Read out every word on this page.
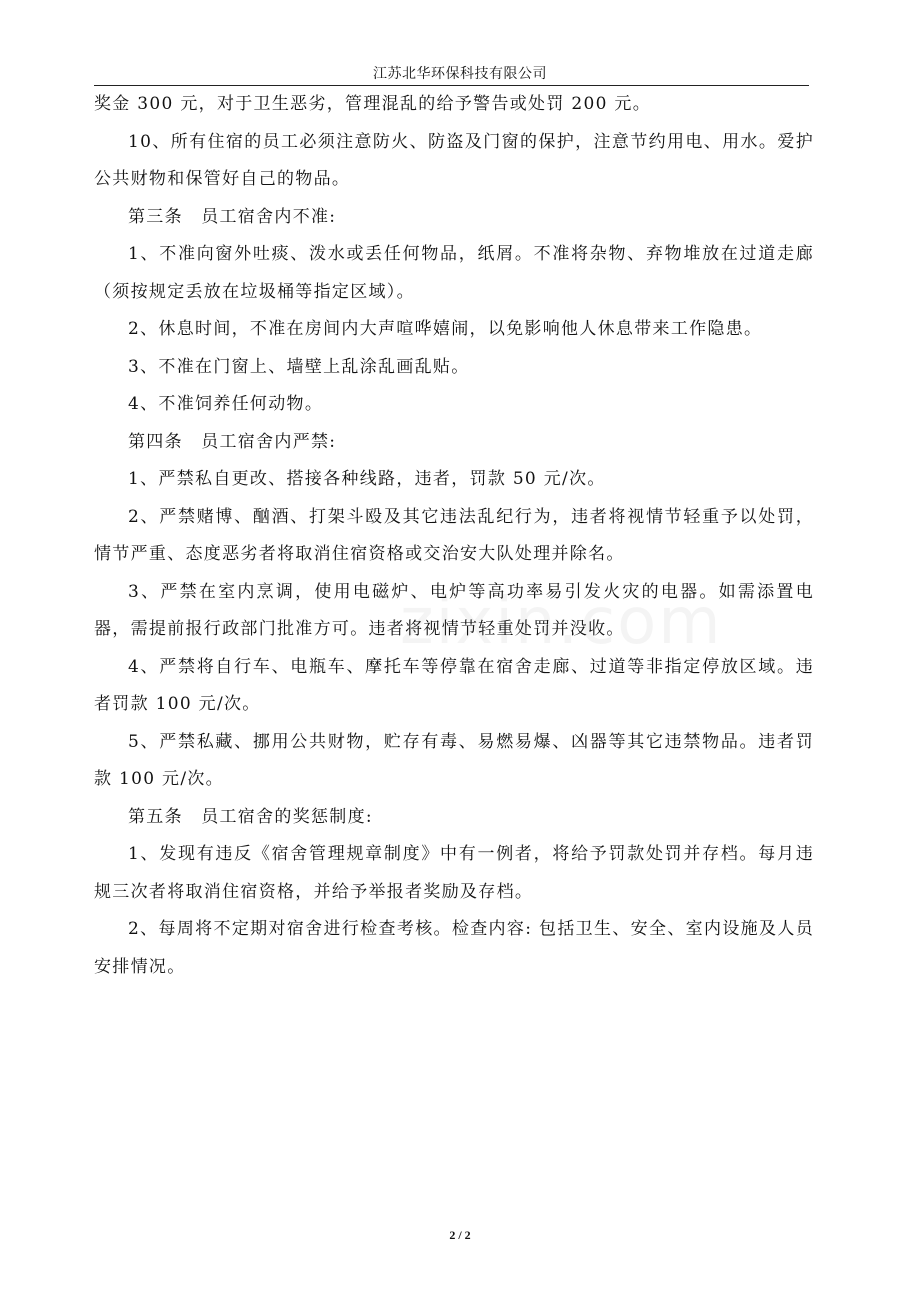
江苏北华环保科技有限公司

奖金 300 元，对于卫生恶劣，管理混乱的给予警告或处罚 200 元。

10、所有住宿的员工必须注意防火、防盗及门窗的保护，注意节约用电、用水。爱护公共财物和保管好自己的物品。

第三条　员工宿舍内不准:

1、不准向窗外吐痰、泼水或丢任何物品，纸屑。不准将杂物、弃物堆放在过道走廊（须按规定丢放在垃圾桶等指定区域）。

2、休息时间，不准在房间内大声喧哗嬉闹，以免影响他人休息带来工作隐患。

3、不准在门窗上、墙壁上乱涂乱画乱贴。

4、不准饲养任何动物。

第四条　员工宿舍内严禁:

1、严禁私自更改、搭接各种线路，违者，罚款 50 元/次。

2、严禁赌博、酗酒、打架斗殴及其它违法乱纪行为，违者将视情节轻重予以处罚，情节严重、态度恶劣者将取消住宿资格或交治安大队处理并除名。

3、严禁在室内烹调，使用电磁炉、电炉等高功率易引发火灾的电器。如需添置电器，需提前报行政部门批准方可。违者将视情节轻重处罚并没收。

4、严禁将自行车、电瓶车、摩托车等停靠在宿舍走廊、过道等非指定停放区域。违者罚款 100 元/次。

5、严禁私藏、挪用公共财物，贮存有毒、易燃易爆、凶器等其它违禁物品。违者罚款 100 元/次。

第五条　员工宿舍的奖惩制度:

1、发现有违反《宿舍管理规章制度》中有一例者，将给予罚款处罚并存档。每月违规三次者将取消住宿资格，并给予举报者奖励及存档。

2、每周将不定期对宿舍进行检查考核。检查内容: 包括卫生、安全、室内设施及人员安排情况。

2 / 2
